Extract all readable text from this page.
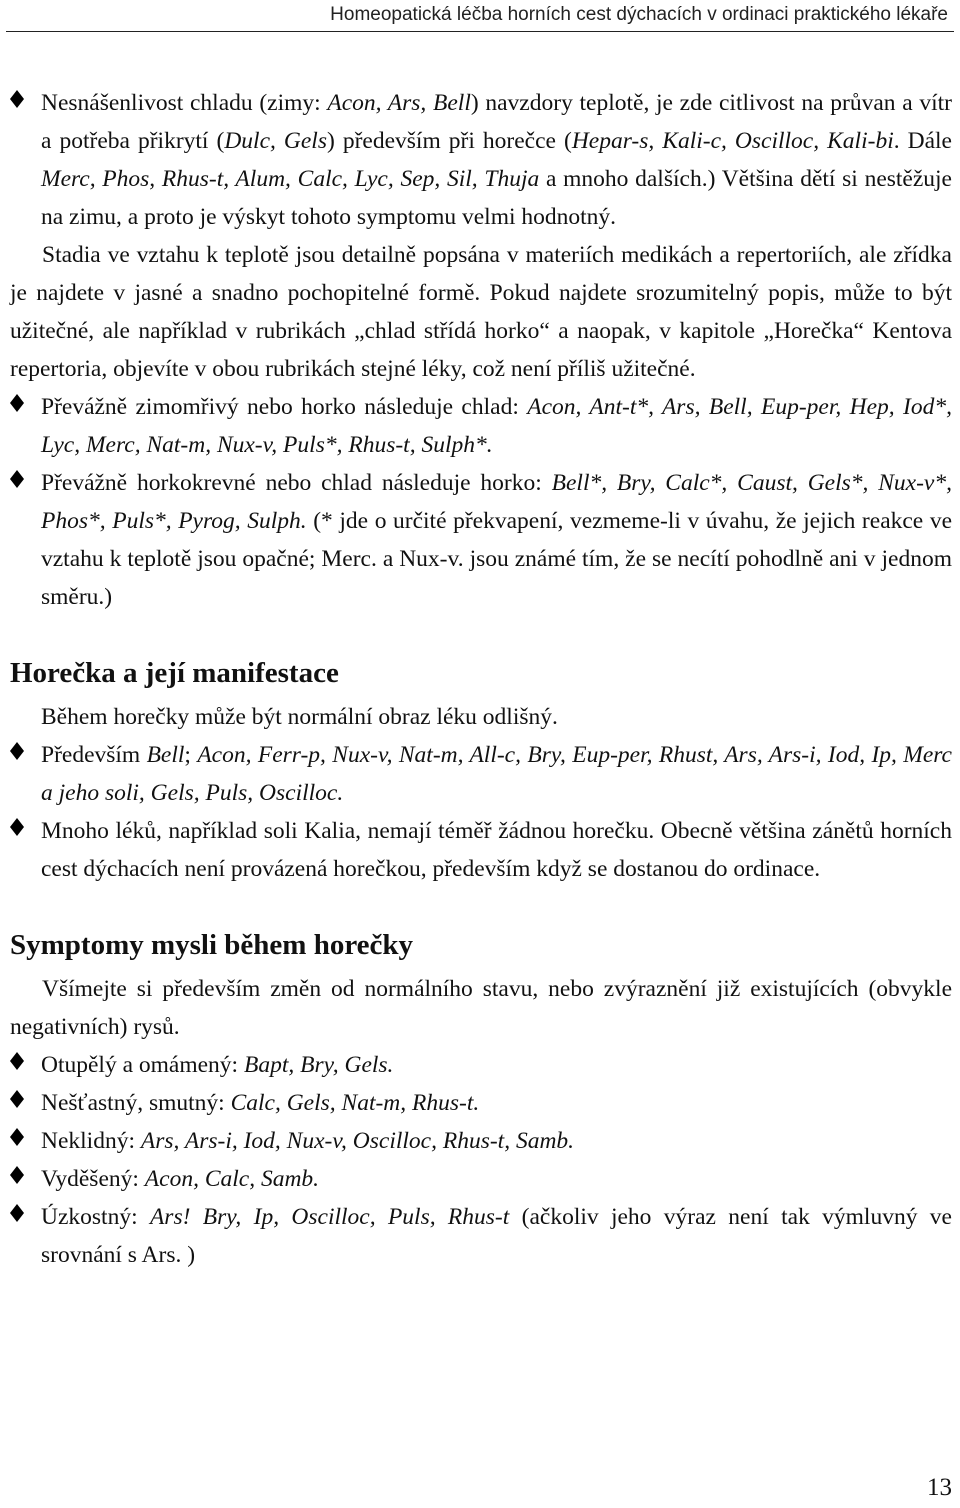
Homeopatická léčba horních cest dýchacích v ordinaci praktického lékaře
Nesnášenlivost chladu (zimy: Acon, Ars, Bell) navzdory teplotě, je zde citlivost na průvan a vítr a potřeba přikrytí (Dulc, Gels) především při horečce (Hepar-s, Kali-c, Oscilloc, Kali-bi. Dále Merc, Phos, Rhus-t, Alum, Calc, Lyc, Sep, Sil, Thuja a mnoho dalších.) Většina dětí si nestěžuje na zimu, a proto je výskyt tohoto symptomu velmi hodnotný.
Stadia ve vztahu k teplotě jsou detailně popsána v materiích medikách a repertoriích, ale zřídka je najdete v jasné a snadno pochopitelné formě. Pokud najdete srozumitelný popis, může to být užitečné, ale například v rubrikách „chlad střídá horko“ a naopak, v kapitole „Horečka“ Kentova repertoria, objevíte v obou rubrikách stejné léky, což není příliš užitečné.
Převážně zimomřivý nebo horko následuje chlad: Acon, Ant-t*, Ars, Bell, Eup-per, Hep, Iod*, Lyc, Merc, Nat-m, Nux-v, Puls*, Rhus-t, Sulph*.
Převážně horkokrevné nebo chlad následuje horko: Bell*, Bry, Calc*, Caust, Gels*, Nux-v*, Phos*, Puls*, Pyrog, Sulph. (* jde o určité překvapení, vezmeme-li v úvahu, že jejich reakce ve vztahu k teplotě jsou opačné; Merc. a Nux-v. jsou známé tím, že se necítí pohodlně ani v jednom směru.)
Horečka a její manifestace
Během horečky může být normální obraz léku odlišný.
Především Bell; Acon, Ferr-p, Nux-v, Nat-m, All-c, Bry, Eup-per, Rhust, Ars, Ars-i, Iod, Ip, Merc a jeho soli, Gels, Puls, Oscilloc.
Mnoho léků, například soli Kalia, nemají téměř žádnou horečku. Obecně většina zánětů horních cest dýchacích není provázená horečkou, především když se dostanou do ordinace.
Symptomy mysli během horečky
Všímejte si především změn od normálního stavu, nebo zvýraznění již existujících (obvykle negativních) rysů.
Otupělý a omámený: Bapt, Bry, Gels.
Nešťastný, smutný: Calc, Gels, Nat-m, Rhus-t.
Neklidný: Ars, Ars-i, Iod, Nux-v, Oscilloc, Rhus-t, Samb.
Vyděšený: Acon, Calc, Samb.
Úzkostný: Ars! Bry, Ip, Oscilloc, Puls, Rhus-t (ačkoliv jeho výraz není tak výmluvný ve srovnání s Ars. )
13
